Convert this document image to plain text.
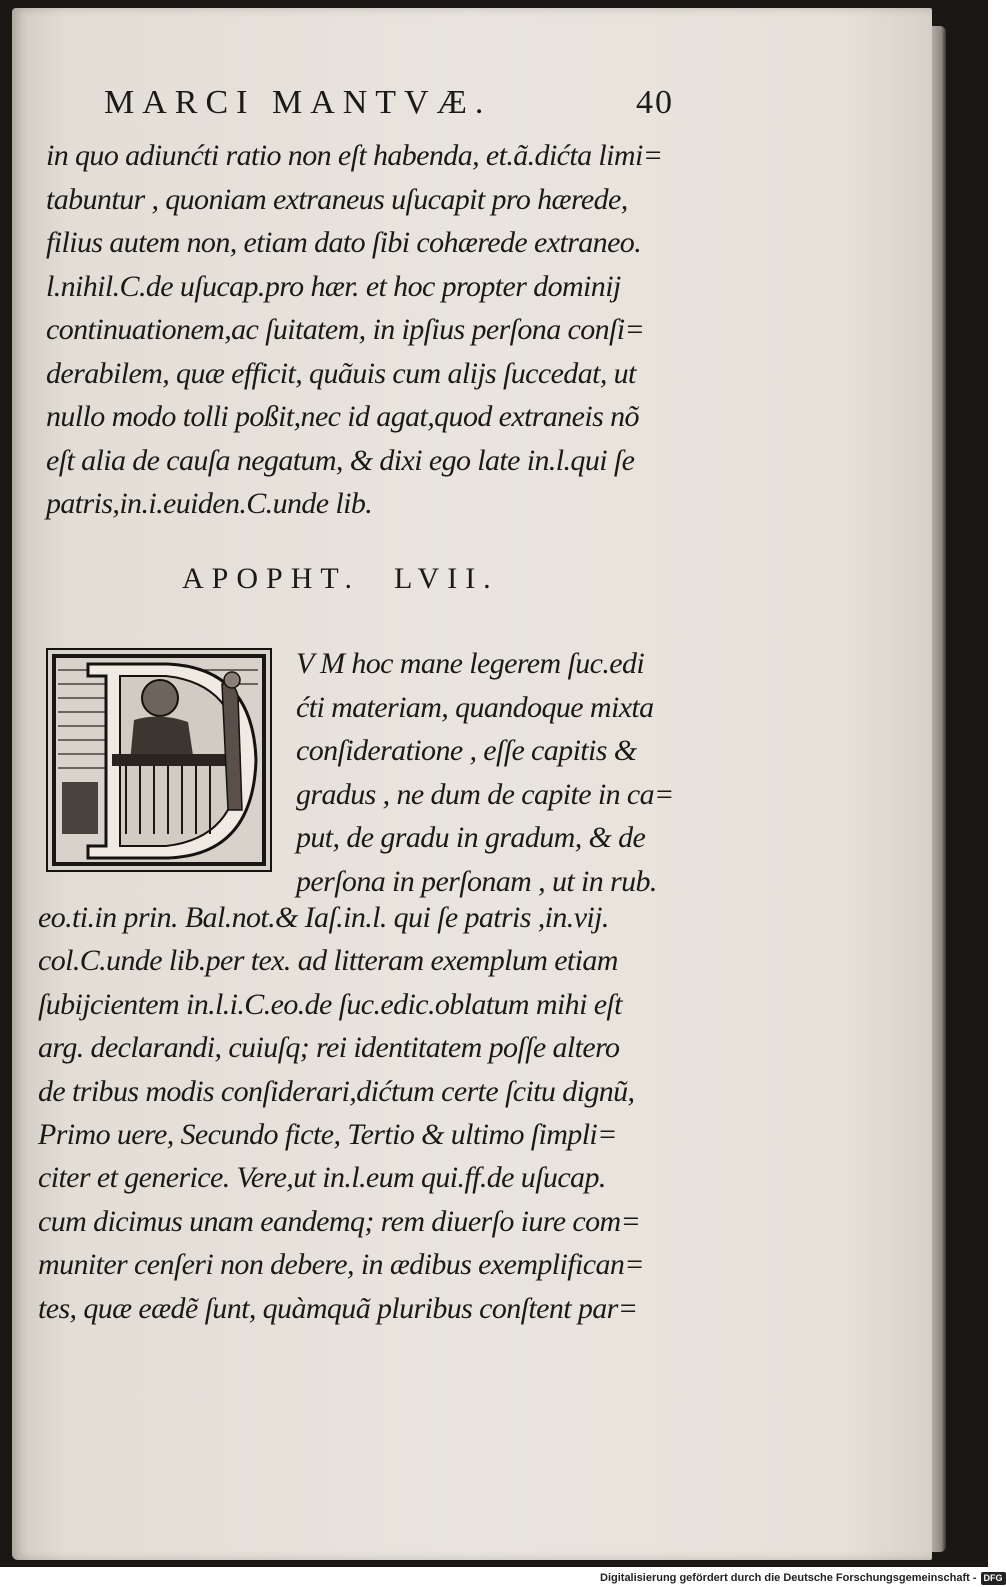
MARCI MANTVÆ.	40
in quo adiunćti ratio non eſt habenda, et.ã.dićta limi=
tabuntur , quoniam extraneus uſucapit pro hærede,
filius autem non, etiam dato ſibi cohærede extraneo.
l.nihil.C.de uſucap.pro hær. et hoc propter dominij
continuationem,ac ſuitatem, in ipſius perſona conſi=
derabilem, quæ efficit, quãuis cum alijs ſuccedat, ut
nullo modo tolli poßit,nec id agat,quod extraneis nõ
eſt alia de cauſa negatum, & dixi ego late in.l.qui ſe
patris,in.i.euiden.C.unde lib.
APOPHT. LVII.
V M hoc mane legerem ſuc.edi
ćti materiam, quandoque mixta
conſideratione , eſſe capitis &
gradus , ne dum de capite in ca=
put, de gradu in gradum, & de
perſona in perſonam , ut in rub.
eo.ti.in prin. Bal.not.& Iaſ.in.l. qui ſe patris ,in.vij.
col.C.unde lib.per tex. ad litteram exemplum etiam
ſubijcientem in.l.i.C.eo.de ſuc.edic.oblatum mihi eſt
arg. declarandi, cuiuſq; rei identitatem poſſe altero
de tribus modis conſiderari,dićtum certe ſcitu dignũ,
Primo uere, Secundo ficte, Tertio & ultimo ſimpli=
citer et generice. Vere,ut in.l.eum qui.ff.de uſucap.
cum dicimus unam eandemq; rem diuerſo iure com=
muniter cenſeri non debere, in ædibus exemplifican=
tes, quæ eædẽ ſunt, quàmquã pluribus conſtent par=
Digitalisierung gefördert durch die Deutsche Forschungsgemeinschaft - DFG
